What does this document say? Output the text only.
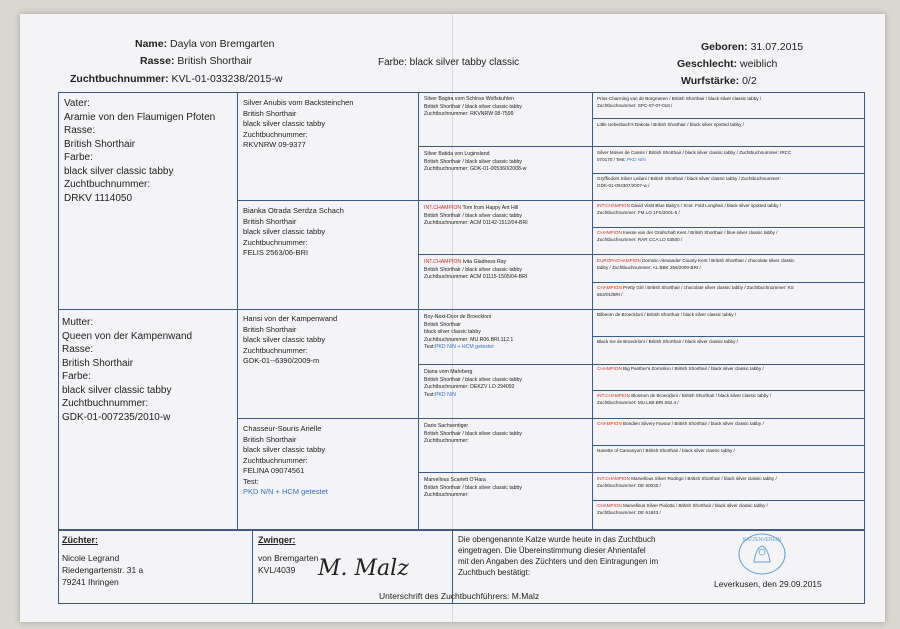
Name: Dayla von Bremgarten
Rasse: British Shorthair
Zuchtbuchnummer: KVL-01-033238/2015-w
Farbe: black silver tabby classic
Geboren: 31.07.2015
Geschlecht: weiblich
Wurfstärke: 0/2
Vater:
Aramie von den Flaumigen Pfoten
Rasse:
British Shorthair
Farbe:
black silver classic tabby
Zuchtbuchnummer:
DRKV 1114050
Mutter:
Queen von der Kampenwand
Rasse:
British Shorthair
Farbe:
black silver classic tabby
Zuchtbuchnummer:
GDK-01-007235/2010-w
Silver Anubis vom Backsteinchen
British Shorthair
black silver classic tabby
Zuchtbuchnummer:
RKVNRW 09-9377
Bianka Otrada Serdza Schach
British Shorthair
black silver classic tabby
Zuchtbuchnummer:
FELIS 2563/06-BRI
Hansi von der Kampenwand
British Shorthair
black silver classic tabby
Zuchtbuchnummer:
GDK-01--6390/2009-m
Chasseur-Souris Arielle
British Shorthair
black silver classic tabby
Zuchtbuchnummer:
FELINA 09074561
Test:
PKD N/N + HCM getestet
Silver Bagira vom Schloss Wolfskuhlen
British Shorthair / black silver classic tabby
Zuchtbuchnummer: RKVNRW 08-7599
Silver Batida von Luginsland
British Shorthair / black silver classic tabby
Zuchtbuchnummer: GDK-01-005360/2008-w
INT.CHAMPION Tom from Happy Ant Hill
British Shorthair / black silver classic tabby
Zuchtbuchnummer: ACM 01142-1512/04-BRI
INT.CHAMPION Ivita Gladness Ray
British Shorthair / black silver classic tabby
Zuchtbuchnummer: ACM 01115-1505/04-BRI
Boy-Next-Door de Broeckloni
British Shorthair
black silver classic tabby
Zuchtbuchnummer: MU.R06.BRI.112.1
Test:PKD N/N + HCM getestet
Diana vom Mahrberg
British Shorthair / black silver classic tabby
Zuchtbuchnummer: DEKZV LO 294092
Test:PKD N/N
Dario Sachsentiger
British Shorthair / black silver classic tabby
Zuchtbuchnummer:
Marvellous Scarlett O'Hara
British Shorthair / black silver classic tabby
Zuchtbuchnummer:
Prins-Charming van de Borgmeren / British Shorthair / black silver classic tabby /
Zuchtbuchnummer: SPC-07-07-018 /
Little Ueberbach's Dakota / British Shorthair / black silver spotted tabby /
Silver Moses de Cassis / British Shorthair / black silver classic tabby / Zuchtbuchnummer: IRCC
070170 / Test: PKD N/N
Gryffindors Silver Leilani / British Shorthair / black silver classic tabby / Zuchtbuchnummer:
GDK-01-004307/2007-w /
INT.CHAMPION David Visitt Blue Baby's / Scot. Fold Longhair / black silver spotted tabby /
Zuchtbuchnummer: FM LO 1FS/2001-6 /
CHAMPION Inesse van der Grafschaft Kent / British Shorthair / blue silver classic tabby /
Zuchtbuchnummer: RAR CCA LO 53500 /
EUROPACHAMPION Dominic-Alexander County Kent / British Shorthair / chocolate silver classic
tabby / Zuchtbuchnummer: AL BBK 259/2000-BRI /
CHAMPION Pretty Girl / British Shorthair / chocolate silver classic tabby / Zuchtbuchnummer: KS
653/01/BRI /
Bilbeorn de Broeckloni / British Shorthair / black silver classic tabby /
Black Ice de Broeckloni / British Shorthair / black silver classic tabby /
CHAMPION Big Panther's Zornolino / British Shorthair / black silver classic tabby /
INT.CHAMPION Blossom de Broeckloni / British Shorthair / black silver classic tabby /
Zuchtbuchnummer: MU.LB9.BRI.062.4 /
CHAMPION Bondien Silvery Favour / British Shorthair / black silver classic tabby /
Nanette of Camanyon / British Shorthair / black silver classic tabby /
INT.CHAMPION Marvellous Silver Rodrigo / British Shorthair / black silver classic tabby /
Zuchtbuchnummer: DE 60030 /
CHAMPION Marvellous Silver Pialotta / British Shorthair / black silver classic tabby /
Zuchtbuchnummer: DE 61843 /
Züchter:
Nicole Legrand
Riedengartenstr. 31 a
79241 Ihringen
Zwinger:
von Bremgarten
KVL/4039	M. Malz
Die obengenannte Katze wurde heute in das Zuchtbuch
eingetragen. Die Übereinstimmung dieser Ahnentafel
mit den Angaben des Züchters und den Eintragungen im
Zuchtbuch bestätigt:
Unterschrift des Zuchtbuchführers: M.Malz
Leverkusen, den 29.09.2015
KATZENVEREIN
